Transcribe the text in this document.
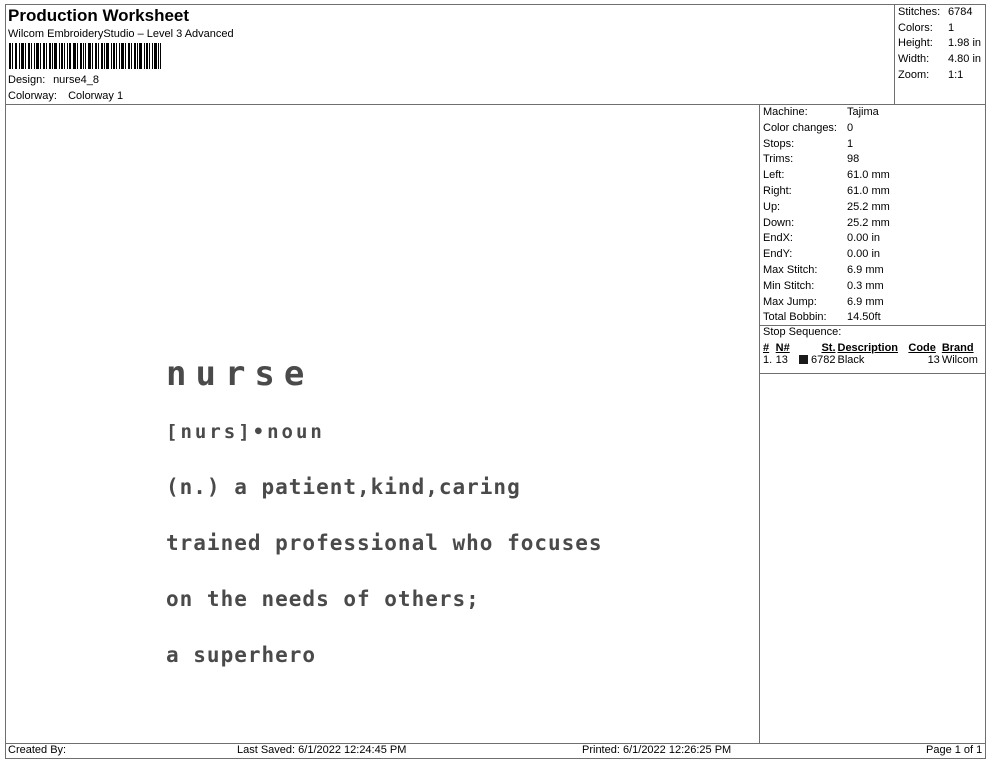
Production Worksheet
Wilcom EmbroideryStudio – Level 3 Advanced
Design: nurse4_8
Colorway: Colorway 1
Stitches: 6784
Colors:	1
Height:	1.98 in
Width:	4.80 in
Zoom:	1:1
Machine:	Tajima
Color changes: 0
Stops:	1
Trims:	98
Left:	61.0 mm
Right:	61.0 mm
Up:	25.2 mm
Down:	25.2 mm
EndX:	0.00 in
EndY:	0.00 in
Max Stitch:	6.9 mm
Min Stitch:	0.3 mm
Max Jump:	6.9 mm
Total Bobbin:	14.50ft
Stop Sequence:
#	N#	St.	Description	Code	Brand
1.	13	6782	Black	13	Wilcom

nurse

[nurs]•noun

(n.) a patient,kind,caring

trained professional who focuses

on the needs of others;

a superhero

Created By:	Last Saved: 6/1/2022 12:24:45 PM	Printed: 6/1/2022 12:26:25 PM	Page 1 of 1
